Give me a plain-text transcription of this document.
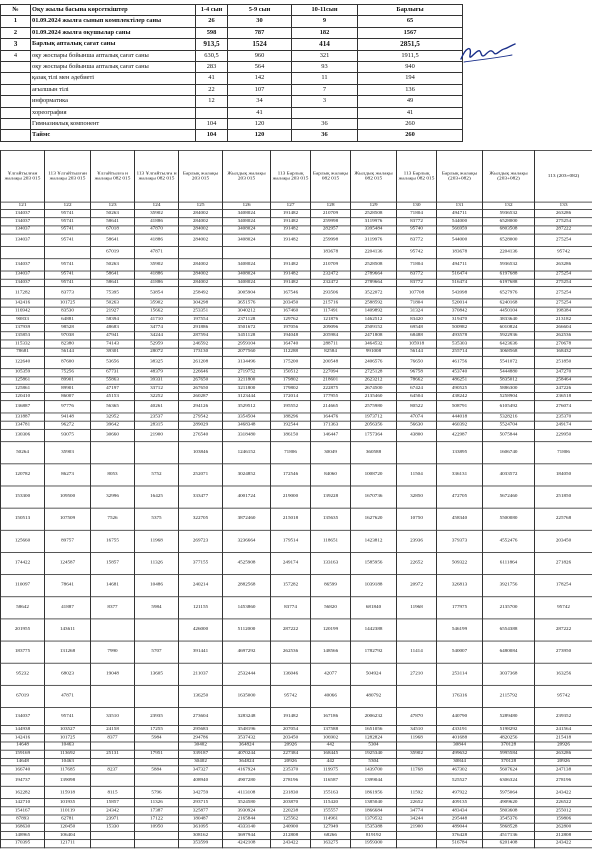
№	Оқу жылы басына көрсеткіштер	1-4 сын	5-9 сын	10-11сын	Барлығы
1	01.09.2024 жылға сынып комплектілер саны	26	30	9	65
2	01.09.2024 жылға оқушылар саны	598	787	182	1567
3	Барлық апталық сағат саны	913,5	1524	414	2851,5
4	оқу жоспары бойынша апталық сағат саны	630,5	960	321	1911,5
	оқу жоспары бойынша апталық сағат саны	283	564	93	940
	қазақ тілі мен әдебиеті	41	142	11	194
	ағылшын тілі	22	107	7	136
	информатика	12	34	3	49
	хореография		41		41
	Гимназиялық компонент	104	120	36	260
	Таймс	104	120	36	260
Ұлгайтылған жалақы 203 015	113 Ұлгайтылған жалақы 203 015	Ұлгайтылға н жалақы 082 015	113 Ұлгайтылға н жалақы 082 015	Барлық жалақы 203 015	Жылдық жалақы 203 015	113 Барлық жалақы 203 015	Барлық жалақы 082 015	Жылдық жалақы 082 015	113 Барлық жалақы 082 015	Барлық жалақы (203+082)	Жылдық жалақы (203+082)	113 (203+082)
121	122	123	124	125	126	127	128	129	130	131	132	133
134037	95741	50263	35902	284002	3408024	191482	210709	2528508	71804	494711	5936532	263286
134037	95741	58641	41886	284002	3408024	191482	259998	3119976	83772	544000	6528000	275254
134037	95741	67018	47870	284002	3408024	191482	282957	3395484	95740	566959	6803508	287222
134037	95741	58641	41886	284002	3408024	191482	259998	3119976	83772	544000	6528000	275254
		67019	47871				183678	2204136	95742	183678	2204136	95742
134037	95741	50263	35902	284002	3408024	191482	210709	2528508	71804	494711	5936532	263286
134037	95741	58641	41886	284002	3408024	191482	232472	2789664	83772	516474	6197688	275254
134037	95741	58641	41886	284002	3408024	191482	232472	2789664	83772	516474	6197688	275254
117282	83773	75395	53854	258492	3005904	167546	293506	3522072	107708	543998	6527976	275254
142416	101725	50263	35902	304298	3651576	203450	215716	2588592	71804	520014	6240168	275254
116942	83530	21927	15662	253351	3040212	167460	117491	1409892	31324	370842	4450104	198384
90833	64881	58394	41710	197554	2371128	129762	121876	1462512	83420	319470	3833640	213182
137939	98528	48683	34774	291886	3501672	197056	209096	2509152	69548	500982	6010824	266604
135853	97038	47941	34244	287594	3451128	194048	205984	2471808	68488	493578	5922936	262536
115332	82380	74143	52959	246592	2959104	164740	288711	3464532	105918	535303	6423636	270678
78681	56144	39301	28072	173130	2077560	112288	82584	991008	56144	255714	3068568	168432
122640	87600	53656	38325	261208	3134496	175200	200548	2406576	76650	461756	5541072	251850
105359	75256	67731	48379	226646	2719752	150512	227094	2725128	96758	453740	5444880	247270
125861	89901	55863	39331	267650	3211800	179802	218601	2623212	78662	486251	5835012	258464
125861	89901	47197	33712	267650	3211800	179802	222875	2674500	67424	490525	5886300	247226
120410	86007	45153	32252	260287	3123444	172014	177955	2135460	64504	438242	5258904	236518
136887	97776	56365	40261	294126	3529512	195552	214665	2575980	80522	508791	6105492	276074
131887	94148	32952	23537	279542	3354504	188296	164476	1973712	47074	444018	5328216	235370
134781	96272	39642	28315	289029	3468348	192544	171363	2056356	56630	460392	5524704	249174
130306	93075	30660	21900	276540	3318480	186150	146447	1757364	43800	422987	5075844	229950
50264	35903			103846	1246152	71806	30049	360588		133895	1606740	71806
120782	86273	8053	5752	252071	3024852	172546	84060	1008720	11504	336131	4033572	184050
153300	109500	32996	16425	333477	4001724	219000	139228	1670736	32850	472705	5672460	251850
150513	107509	7526	5375	322705	3872460	215018	135635	1627620	10750	458340	5500080	225768
125660	89757	16755	11968	269723	3236664	179514	118651	1423812	23936	379373	4552476	203450
174422	124587	15857	11326	377155	4525908	249174	133163	1585956	22652	509322	6111864	271826
110097	78641	14681	10486	240214	2882568	157282	86599	1039188	20972	326813	3921756	178254
58642	41887	8377	5984	121155	1453860	83774	56820	681840	11968	177975	2135700	95742
201955	143611			426000	5112000	287222	120199	1442388		546199	6554388	287222
183775	131268	7990	5707	391441	4697292	262536	148566	1782792	11414	540007	6480084	273950
95232	68023	19048	13605	211037	2532444	136046	42077	504924	27210	253114	3037368	163256
67019	47871			136250	1635000	95742	40066	480792		176316	2115792	95742
134037	95741	33510	23935	273604	3283248	191482	167186	2006232	47870	440790	5289480	239352
144938	103527	24158	17255	295683	3548196	207054	137588	1651056	34510	433191	5198292	241564
142416	101725	8377	5984	294786	3537432	203450	106902	1282824	11968	401688	4820256	215418
14648	10463			30402	364824	20926	442	5304		30844	370128	20926
159169	113692	25131	17951	339187	4070244	227384	168445	1925340	35902	499632	5995584	263286
14648	10463			30402	364824	20926	442	5304		30844	370128	20926
166740	117685	8237	5884	347327	4167924	235370	119975	1439700	11768	467302	5607624	247138
194737	139098			408940	4907280	278196	116587	1399044		525527	6306324	278196
162282	115918	8115	5796	342759	4113108	231830	155163	1861956	11592	497922	5975064	243422
142710	101935	15857	11326	293715	3524580	203870	115420	1385040	22652	409135	4909620	226522
154167	110119	24342	17387	325877	3930924	220238	155557	1866684	34774	483434	5803608	255012
87893	62781	23971	17122	180487	2165844	125562	114961	1379532	34244	295448	3545376	159806
168630	120450	15330	10950	361095	4333140	240900	127949	1535388	21900	489044	5868528	262800
148965	106404			308162	3697944	212808	68266	819192		376428	4517136	212808
170395	121711			353599	4242108	243422	163275	1959300		516784	6201408	243422
